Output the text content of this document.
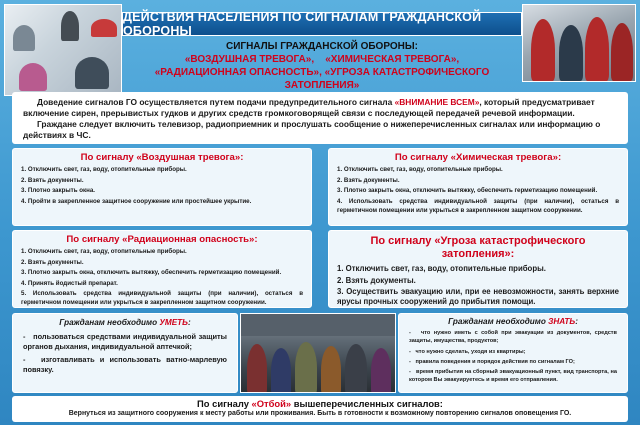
ДЕЙСТВИЯ НАСЕЛЕНИЯ ПО СИГНАЛАМ ГРАЖДАНСКОЙ ОБОРОНЫ
СИГНАЛЫ ГРАЖДАНСКОЙ ОБОРОНЫ:
«ВОЗДУШНАЯ ТРЕВОГА»,    «ХИМИЧЕСКАЯ ТРЕВОГА»,
«РАДИАЦИОННАЯ ОПАСНОСТЬ», «УГРОЗА КАТАСТРОФИЧЕСКОГО ЗАТОПЛЕНИЯ»

Доведение сигналов ГО осуществляется путем подачи предупредительного сигнала «ВНИМАНИЕ ВСЕМ», который предусматривает включение сирен, прерывистых гудков и других средств громкоговорящей связи с последующей передачей речевой информации.

Граждане следует включить телевизор, радиоприемник и прослушать сообщение о нижеперечисленных сигналах или информацию о действиях в ЧС.

По сигналу «Воздушная тревога»:
1. Отключить свет, газ, воду, отопительные приборы.
2. Взять документы.
3. Плотно закрыть окна.
4. Пройти в закрепленное защитное сооружение или простейшее укрытие.
По сигналу «Химическая тревога»:
1. Отключить свет, газ, воду, отопительные приборы.
2. Взять документы.
3. Плотно закрыть окна, отключить вытяжку, обеспечить герметизацию помещений.
4. Использовать средства индивидуальной защиты (при наличии), остаться в герметичном помещении или укрыться в закрепленном защитном сооружении.
По сигналу «Радиационная опасность»:
1. Отключить свет, газ, воду, отопительные приборы.
2. Взять документы.
3. Плотно закрыть окна, отключить вытяжку, обеспечить герметизацию помещений.
4. Принять йодистый препарат.
5. Использовать средства индивидуальной защиты (при наличии), остаться в герметичном помещении или укрыться в закрепленном защитном сооружении.
По сигналу «Угроза катастрофического затопления»:
1. Отключить свет, газ, воду, отопительные приборы.
2. Взять документы.
3. Осуществить эвакуацию или, при ее невозможности, занять верхние ярусы прочных сооружений до прибытия помощи.
Гражданам необходимо УМЕТЬ:
-   пользоваться средствами индивидуальной защиты органов дыхания, индивидуальной аптечкой;
-   изготавливать и использовать ватно-марлевую повязку.
Гражданам необходимо ЗНАТЬ:
-   что нужно иметь с собой при эвакуации из документов, средств защиты, имущества, продуктов;
-   что нужно сделать, уходя из квартиры;
-   правила поведения и порядок действия по сигналам ГО;
-   время прибытия на сборный эвакуационный пункт, вид транспорта, на котором Вы эвакуируетесь и время его отправления.
По сигналу «Отбой» вышеперечисленных сигналов:
Вернуться из защитного сооружения к месту работы или проживания. Быть в готовности к возможному повторению сигналов оповещения ГО.
